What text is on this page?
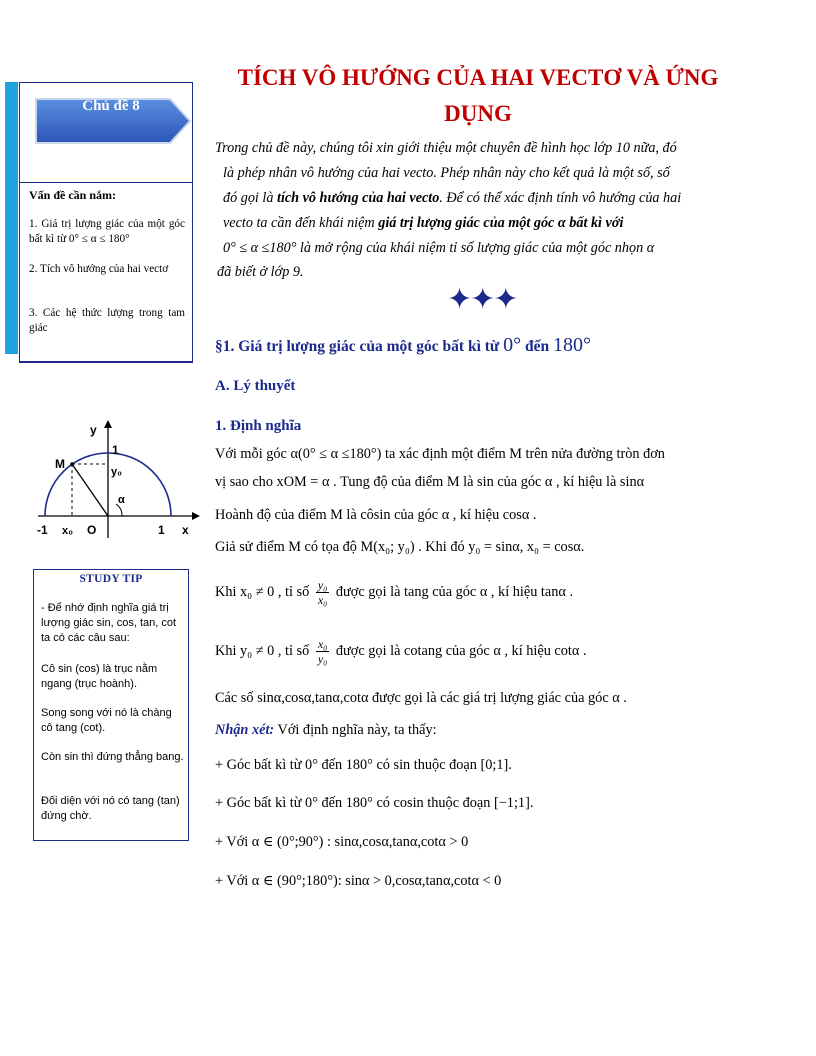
Chủ đề 8
Vấn đề cần nắm:
1. Giá trị lượng giác của một góc bất kì từ 0° ≤ α ≤ 180°
2. Tích vô hướng của hai vectơ
3. Các hệ thức lượng trong tam giác
y
1
M
y₀
α
-1 x₀ O	1 x
STUDY TIP
- Để nhớ định nghĩa giá trị lượng giác sin, cos, tan, cot ta có các câu sau:
Cô sin (cos) là trục nằm ngang (trục hoành).
Song song với nó là chàng cô tang (cot).
Còn sin thì đứng thẳng bang.
Đối diện với nó có tang (tan) đứng chờ.
TÍCH VÔ HƯỚNG CỦA HAI VECTƠ VÀ ỨNG
DỤNG
Trong chủ đề này, chúng tôi xin giới thiệu một chuyên đề hình học lớp 10 nữa, đó
là phép nhân vô hướng của hai vecto. Phép nhân này cho kết quả là một số, số
đó gọi là tích vô hướng của hai vecto. Để có thể xác định tính vô hướng của hai
vecto ta cần đến khái niệm giá trị lượng giác của một góc α bất kì với
0° ≤ α ≤180° là mở rộng của khái niệm tỉ số lượng giác của một góc nhọn α
đã biết ở lớp 9.
✦✦✦
§1. Giá trị lượng giác của một góc bất kì từ 0° đến 180°
A. Lý thuyết
1. Định nghĩa
Với mỗi góc α(0° ≤ α ≤180°) ta xác định một điểm M trên nửa đường tròn đơn
vị sao cho xOM = α . Tung độ của điểm M là sin của góc α , kí hiệu là sinα
Hoành độ của điểm M là côsin của góc α , kí hiệu cosα .
Giả sử điểm M có tọa độ M(x₀; y₀) . Khi đó y₀ = sinα, x₀ = cosα.
Khi x₀ ≠ 0 , tỉ số $\frac{\text{y₀}}{\text{x₀}}$ được gọi là tang của góc α , kí hiệu tanα .
Khi y₀ ≠ 0 , tỉ số $\frac{\text{x₀}}{\text{y₀}}$ được gọi là cotang của góc α , kí hiệu cotα .
Các số sinα,cosα,tanα,cotα được gọi là các giá trị lượng giác của góc α .
Nhận xét: Với định nghĩa này, ta thấy:
+ Góc bất kì từ 0° đến 180° có sin thuộc đoạn [0;1].
+ Góc bất kì từ 0° đến 180° có cosin thuộc đoạn [−1;1].
+ Với α ∈ (0°;90°) : sinα,cosα,tanα,cotα > 0
+ Với α ∈ (90°;180°): sinα > 0,cosα,tanα,cotα < 0
